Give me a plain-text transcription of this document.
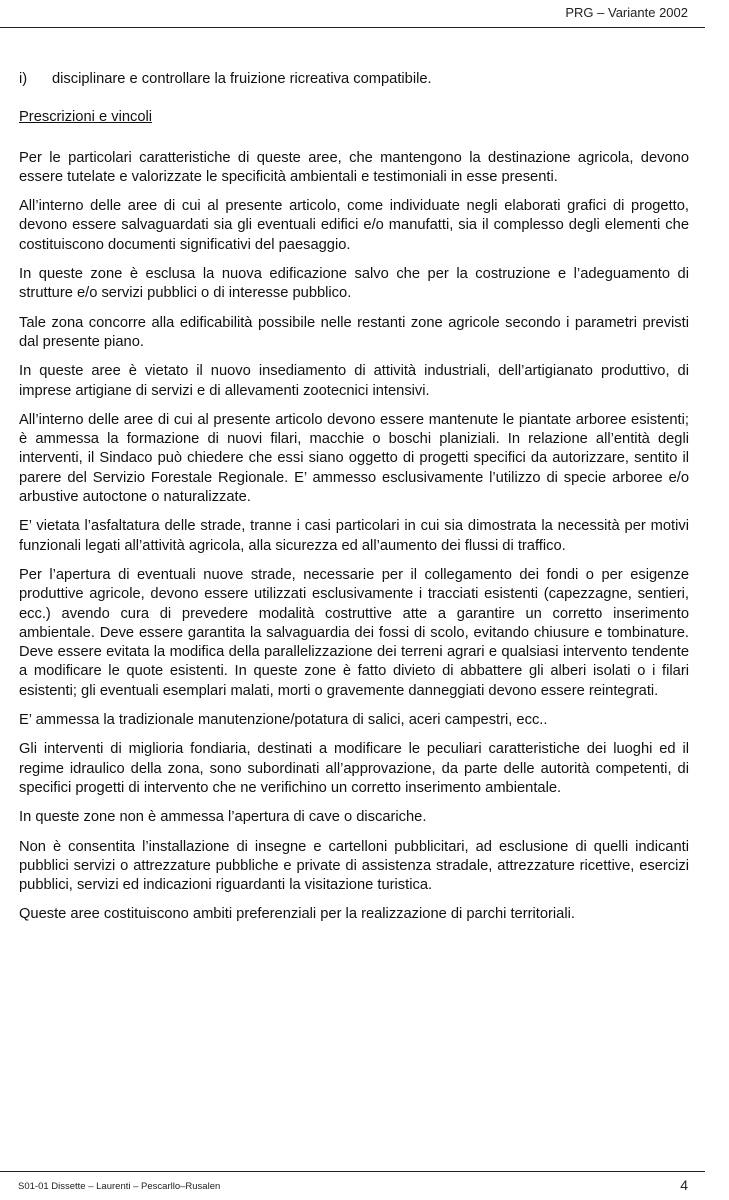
PRG – Variante 2002
i)	disciplinare e controllare la fruizione ricreativa compatibile.
Prescrizioni e vincoli

Per le particolari caratteristiche di queste aree, che mantengono la destinazione agricola, devono essere tutelate e valorizzate le specificità ambientali e testimoniali in esse presenti.

All’interno delle aree di cui al presente articolo, come individuate negli elaborati grafici di progetto, devono essere salvaguardati sia gli eventuali edifici e/o manufatti, sia il complesso degli elementi che costituiscono documenti significativi del paesaggio.

In queste zone è esclusa la nuova edificazione salvo che per la costruzione e l’adeguamento di strutture e/o servizi pubblici o di interesse pubblico.

Tale zona concorre alla edificabilità possibile nelle restanti zone agricole secondo i parametri previsti dal presente piano.

In queste aree è vietato il nuovo insediamento di attività industriali, dell’artigianato produttivo, di imprese artigiane di servizi e di allevamenti zootecnici intensivi.

All’interno delle aree di cui al presente articolo devono essere mantenute le piantate arboree esistenti; è ammessa la formazione di nuovi filari, macchie o boschi planiziali. In relazione all’entità degli interventi, il Sindaco può chiedere che essi siano oggetto di progetti specifici da autorizzare, sentito il parere del Servizio Forestale Regionale. E’ ammesso esclusivamente l’utilizzo di specie arboree e/o arbustive autoctone o naturalizzate.

E’ vietata l’asfaltatura delle strade, tranne i casi particolari in cui sia dimostrata la necessità per motivi funzionali legati all’attività agricola, alla sicurezza ed all’aumento dei flussi di traffico.

Per l’apertura di eventuali nuove strade, necessarie per il collegamento dei fondi o per esigenze produttive agricole, devono essere utilizzati esclusivamente i tracciati esistenti (capezzagne, sentieri, ecc.) avendo cura di prevedere modalità costruttive atte a garantire un corretto inserimento ambientale. Deve essere garantita la salvaguardia dei fossi di scolo, evitando chiusure e tombinature. Deve essere evitata la modifica della parallelizzazione dei terreni agrari e qualsiasi intervento tendente a modificare le quote esistenti. In queste zone è fatto divieto di abbattere gli alberi isolati o i filari esistenti; gli eventuali esemplari malati, morti o gravemente danneggiati devono essere reintegrati.

E’ ammessa la tradizionale manutenzione/potatura di salici, aceri campestri, ecc..

Gli interventi di miglioria fondiaria, destinati a modificare le peculiari caratteristiche dei luoghi ed il regime idraulico della zona, sono subordinati all’approvazione, da parte delle autorità competenti, di specifici progetti di intervento che ne verifichino un corretto inserimento ambientale.

In queste zone non è ammessa l’apertura di cave o discariche.

Non è consentita l’installazione di insegne e cartelloni pubblicitari, ad esclusione di quelli indicanti pubblici servizi o attrezzature pubbliche e private di assistenza stradale, attrezzature ricettive, esercizi pubblici, servizi ed indicazioni riguardanti la visitazione turistica.

Queste aree costituiscono ambiti preferenziali per la realizzazione di parchi territoriali.

S01-01 Dissette – Laurenti – Pescarllo–Rusalen	4
